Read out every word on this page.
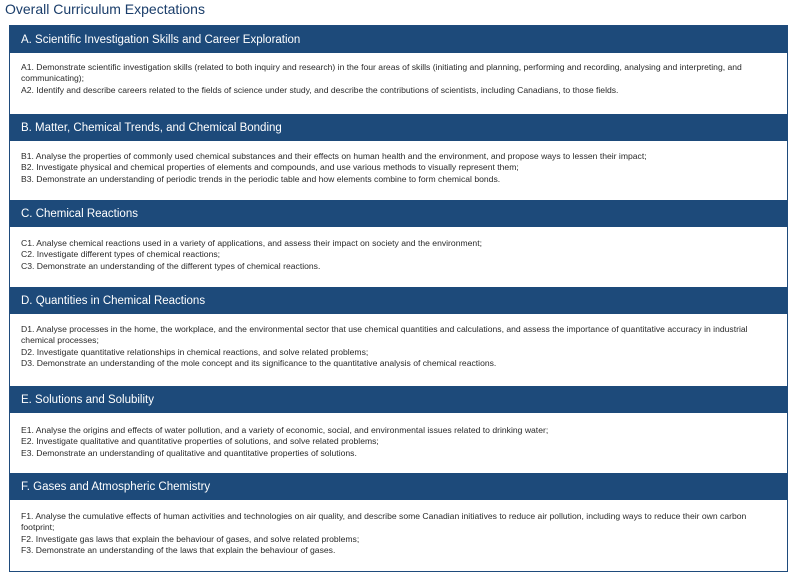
Overall Curriculum Expectations
A. Scientific Investigation Skills and Career Exploration
A1. Demonstrate scientific investigation skills (related to both inquiry and research) in the four areas of skills (initiating and planning, performing and recording, analysing and interpreting, and communicating);
A2. Identify and describe careers related to the fields of science under study, and describe the contributions of scientists, including Canadians, to those fields.
B. Matter, Chemical Trends, and Chemical Bonding
B1. Analyse the properties of commonly used chemical substances and their effects on human health and the environment, and propose ways to lessen their impact;
B2. Investigate physical and chemical properties of elements and compounds, and use various methods to visually represent them;
B3. Demonstrate an understanding of periodic trends in the periodic table and how elements combine to form chemical bonds.
C. Chemical Reactions
C1. Analyse chemical reactions used in a variety of applications, and assess their impact on society and the environment;
C2. Investigate different types of chemical reactions;
C3. Demonstrate an understanding of the different types of chemical reactions.
D. Quantities in Chemical Reactions
D1. Analyse processes in the home, the workplace, and the environmental sector that use chemical quantities and calculations, and assess the importance of quantitative accuracy in industrial chemical processes;
D2. Investigate quantitative relationships in chemical reactions, and solve related problems;
D3. Demonstrate an understanding of the mole concept and its significance to the quantitative analysis of chemical reactions.
E. Solutions and Solubility
E1. Analyse the origins and effects of water pollution, and a variety of economic, social, and environmental issues related to drinking water;
E2. Investigate qualitative and quantitative properties of solutions, and solve related problems;
E3. Demonstrate an understanding of qualitative and quantitative properties of solutions.
F. Gases and Atmospheric Chemistry
F1. Analyse the cumulative effects of human activities and technologies on air quality, and describe some Canadian initiatives to reduce air pollution, including ways to reduce their own carbon footprint;
F2. Investigate gas laws that explain the behaviour of gases, and solve related problems;
F3. Demonstrate an understanding of the laws that explain the behaviour of gases.
